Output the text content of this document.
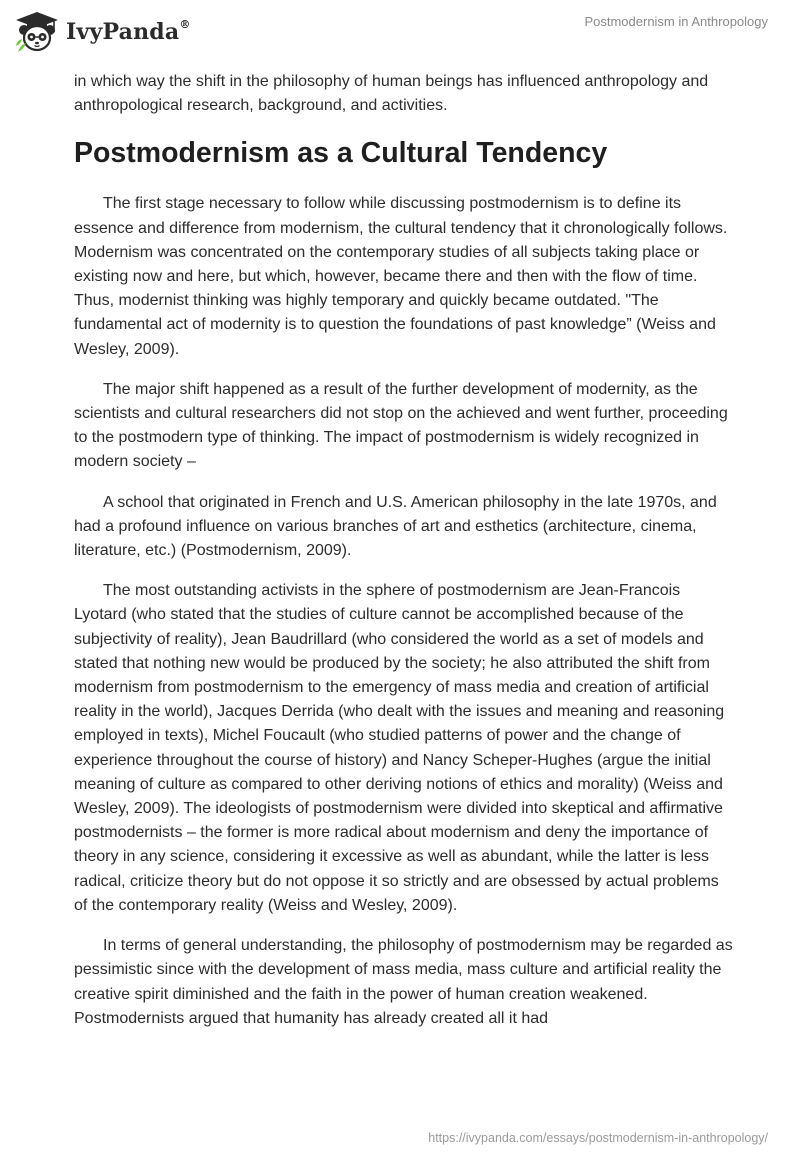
IvyPanda®	Postmodernism in Anthropology

in which way the shift in the philosophy of human beings has influenced anthropology and anthropological research, background, and activities.

Postmodernism as a Cultural Tendency

The first stage necessary to follow while discussing postmodernism is to define its essence and difference from modernism, the cultural tendency that it chronologically follows. Modernism was concentrated on the contemporary studies of all subjects taking place or existing now and here, but which, however, became there and then with the flow of time. Thus, modernist thinking was highly temporary and quickly became outdated. "The fundamental act of modernity is to question the foundations of past knowledge” (Weiss and Wesley, 2009).

The major shift happened as a result of the further development of modernity, as the scientists and cultural researchers did not stop on the achieved and went further, proceeding to the postmodern type of thinking. The impact of postmodernism is widely recognized in modern society –

A school that originated in French and U.S. American philosophy in the late 1970s, and had a profound influence on various branches of art and esthetics (architecture, cinema, literature, etc.) (Postmodernism, 2009).

The most outstanding activists in the sphere of postmodernism are Jean-Francois Lyotard (who stated that the studies of culture cannot be accomplished because of the subjectivity of reality), Jean Baudrillard (who considered the world as a set of models and stated that nothing new would be produced by the society; he also attributed the shift from modernism from postmodernism to the emergency of mass media and creation of artificial reality in the world), Jacques Derrida (who dealt with the issues and meaning and reasoning employed in texts), Michel Foucault (who studied patterns of power and the change of experience throughout the course of history) and Nancy Scheper-Hughes (argue the initial meaning of culture as compared to other deriving notions of ethics and morality) (Weiss and Wesley, 2009). The ideologists of postmodernism were divided into skeptical and affirmative postmodernists – the former is more radical about modernism and deny the importance of theory in any science, considering it excessive as well as abundant, while the latter is less radical, criticize theory but do not oppose it so strictly and are obsessed by actual problems of the contemporary reality (Weiss and Wesley, 2009).

In terms of general understanding, the philosophy of postmodernism may be regarded as pessimistic since with the development of mass media, mass culture and artificial reality the creative spirit diminished and the faith in the power of human creation weakened. Postmodernists argued that humanity has already created all it had

https://ivypanda.com/essays/postmodernism-in-anthropology/
